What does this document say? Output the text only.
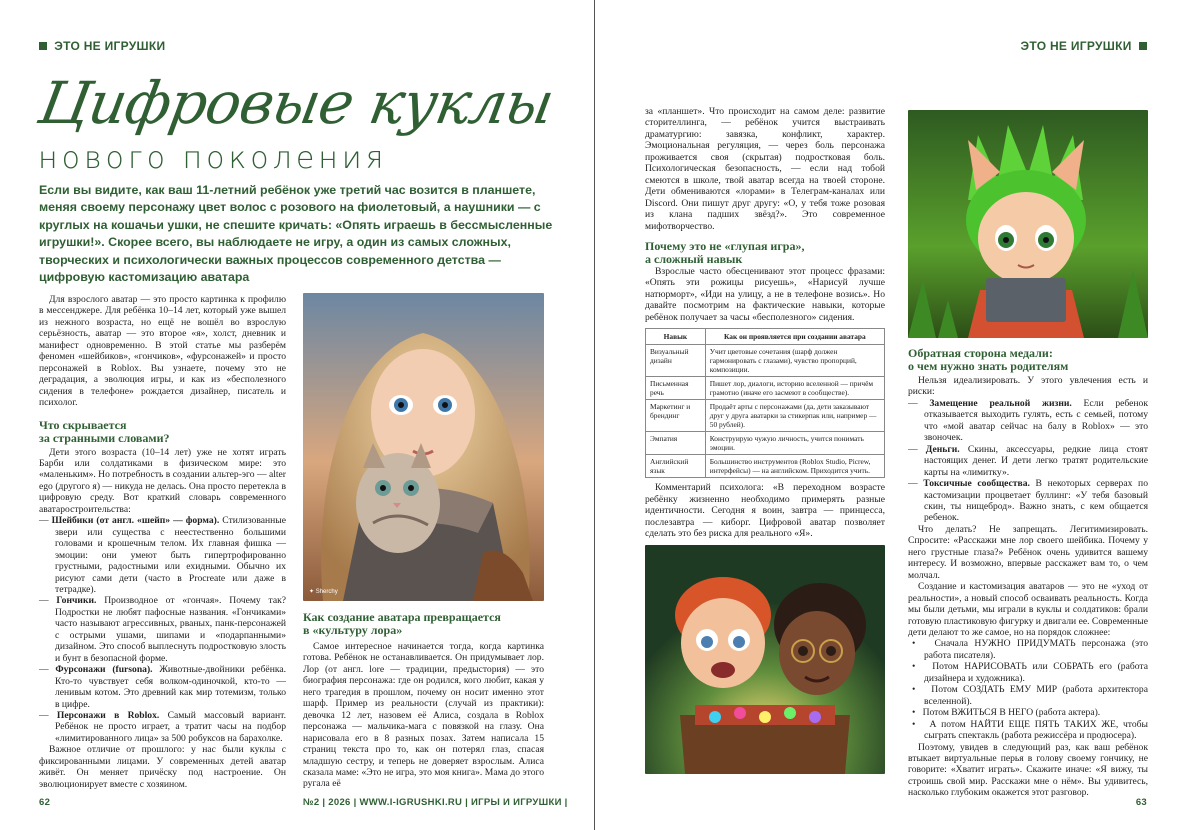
ЭТО НЕ ИГРУШКИ
Цифровые куклы
нового поколения
Если вы видите, как ваш 11-летний ребёнок уже третий час возится в планшете, меняя своему персонажу цвет волос с розового на фиолетовый, а наушники — с круглых на кошачьи ушки, не спешите кричать: «Опять играешь в бессмысленные игрушки!». Скорее всего, вы наблюдаете не игру, а один из самых сложных, творческих и психологически важных процессов современного детства — цифровую кастомизацию аватара

Для взрослого аватар — это просто картинка к профилю в мессенджере. Для ребёнка 10–14 лет, который уже вышел из нежного возраста, но ещё не вошёл во взрослую серьёзность, аватар — это второе «я», холст, дневник и манифест одновременно. В этой статье мы разберём феномен «шейбиков», «гончиков», «фурсонажей» и просто персонажей в Roblox. Вы узнаете, почему это не деградация, а эволюция игры, и как из «бесполезного сидения в телефоне» рождается дизайнер, писатель и психолог.

Что скрывается
за странными словами?

Дети этого возраста (10–14 лет) уже не хотят играть Барби или солдатиками в физическом мире: это «маленьким». Но потребность в создании альтер-эго — alter ego (другого я) — никуда не делась. Она просто перетекла в цифровую среду. Вот краткий словарь современного аватаростроительства:

— Шейбики (от англ. «шейп» — форма). Стилизованные звери или существа с неестественно большими головами и крошечным телом. Их главная фишка — эмоции: они умеют быть гипертрофированно грустными, радостными или ехидными. Обычно их рисуют сами дети (часто в Procreate или даже в тетрадке).

— Гончики. Производное от «гончая». Почему так? Подростки не любят пафосные названия. «Гончиками» часто называют агрессивных, рваных, панк-персонажей с острыми ушами, шипами и «подарпанными» дизайном. Это способ выплеснуть подростковую злость и бунт в безопасной форме.

— Фурсонажи (fursona). Животные-двойники ребёнка. Кто-то чувствует себя волком-одиночкой, кто-то — ленивым котом. Это древний как мир тотемизм, только в цифре.

— Персонажи в Roblox. Самый массовый вариант. Ребёнок не просто играет, а тратит часы на подбор «лимитированного лица» за 500 робуксов на барахолке.

Важное отличие от прошлого: у нас были куклы с фиксированными лицами. У современных детей аватар живёт. Он меняет причёску под настроение. Он эволюционирует вместе с хозяином.

✦ Sherchy
Как создание аватара превращается
в «культуру лора»

Самое интересное начинается тогда, когда картинка готова. Ребёнок не останавливается. Он придумывает лор. Лор (от англ. lore — традиции, предыстория) — это биография персонажа: где он родился, кого любит, какая у него трагедия в прошлом, почему он носит именно этот шарф. Пример из реальности (случай из практики): девочка 12 лет, назовем её Алиса, создала в Roblox персонажа — мальчика-мага с повязкой на глазу. Она нарисовала его в 8 разных позах. Затем написала 15 страниц текста про то, как он потерял глаз, спасая младшую сестру, и теперь не доверяет взрослым. Алиса сказала маме: «Это не игра, это моя книга». Мама до этого ругала её

62	№2 | 2026 | WWW.I-IGRUSHKI.RU | ИГРЫ И ИГРУШКИ |
ЭТО НЕ ИГРУШКИ

за «планшет». Что происходит на самом деле: развитие сторителлинга, — ребёнок учится выстраивать драматургию: завязка, конфликт, характер. Эмоциональная регуляция, — через боль персонажа проживается своя (скрытая) подростковая боль. Психологическая безопасность, — если над тобой смеются в школе, твой аватар всегда на твоей стороне. Дети обмениваются «лорами» в Телеграм-каналах или Discord. Они пишут друг другу: «О, у тебя тоже розовая из клана падших звёзд?». Это современное мифотворчество.

Почему это не «глупая игра»,
а сложный навык

Взрослые часто обесценивают этот процесс фразами: «Опять эти рожицы рисуешь», «Нарисуй лучше натюрморт», «Иди на улицу, а не в телефоне возись». Но давайте посмотрим на фактические навыки, которые ребёнок получает за часы «бесполезного» сидения.

Навык	Как он проявляется при создании аватара
Визуальный дизайн	Учит цветовые сочетания (шарф должен гармонировать с глазами), чувство пропорций, композиции.
Письменная речь	Пишет лор, диалоги, историю вселенной — причём грамотно (иначе его засмеют в сообществе).
Маркетинг и брендинг	Продаёт арты с персонажами (да, дети заказывают друг у друга аватарки за стикерпак или, например — 50 рублей).
Эмпатия	Конструирую чужую личность, учится понимать эмоции.
Английский язык	Большинство инструментов (Roblox Studio, Picrew, интерфейсы) — на английском. Приходится учить.

Комментарий психолога: «В переходном возрасте ребёнку жизненно необходимо примерять разные идентичности. Сегодня я воин, завтра — принцесса, послезавтра — киборг. Цифровой аватар позволяет сделать это без риска для реального «Я».

Обратная сторона медали:
о чем нужно знать родителям

Нельзя идеализировать. У этого увлечения есть и риски:

— Замещение реальной жизни. Если ребенок отказывается выходить гулять, есть с семьей, потому что «мой аватар сейчас на балу в Roblox» — это звоночек.

— Деньги. Скины, аксессуары, редкие лица стоят настоящих денег. И дети легко тратят родительские карты на «лимитку».

— Токсичные сообщества. В некоторых серверах по кастомизации процветает буллинг: «У тебя базовый скин, ты нищеброд». Важно знать, с кем общается ребенок.

Что делать? Не запрещать. Легитимизировать. Спросите: «Расскажи мне лор своего шейбика. Почему у него грустные глаза?» Ребёнок очень удивится вашему интересу. И возможно, впервые расскажет вам то, о чем молчал.

Создание и кастомизация аватаров — это не «уход от реальности», а новый способ осваивать реальность. Когда мы были детьми, мы играли в куклы и солдатиков: брали готовую пластиковую фигурку и двигали ее. Современные дети делают то же самое, но на порядок сложнее:

•   Сначала НУЖНО ПРИДУМАТЬ персонажа (это работа писателя).

•   Потом НАРИСОВАТЬ или СОБРАТЬ его (работа дизайнера и художника).

•   Потом СОЗДАТЬ ЕМУ МИР (работа архитектора вселенной).

•   Потом ВЖИТЬСЯ В НЕГО (работа актера).

•   А потом НАЙТИ ЕЩЕ ПЯТЬ ТАКИХ ЖЕ, чтобы сыграть спектакль (работа режиссёра и продюсера).

Поэтому, увидев в следующий раз, как ваш ребёнок втыкает виртуальные перья в голову своему гончику, не говорите: «Хватит играть». Скажите иначе: «Я вижу, ты строишь свой мир. Расскажи мне о нём». Вы удивитесь, насколько глубоким окажется этот разговор.

63
